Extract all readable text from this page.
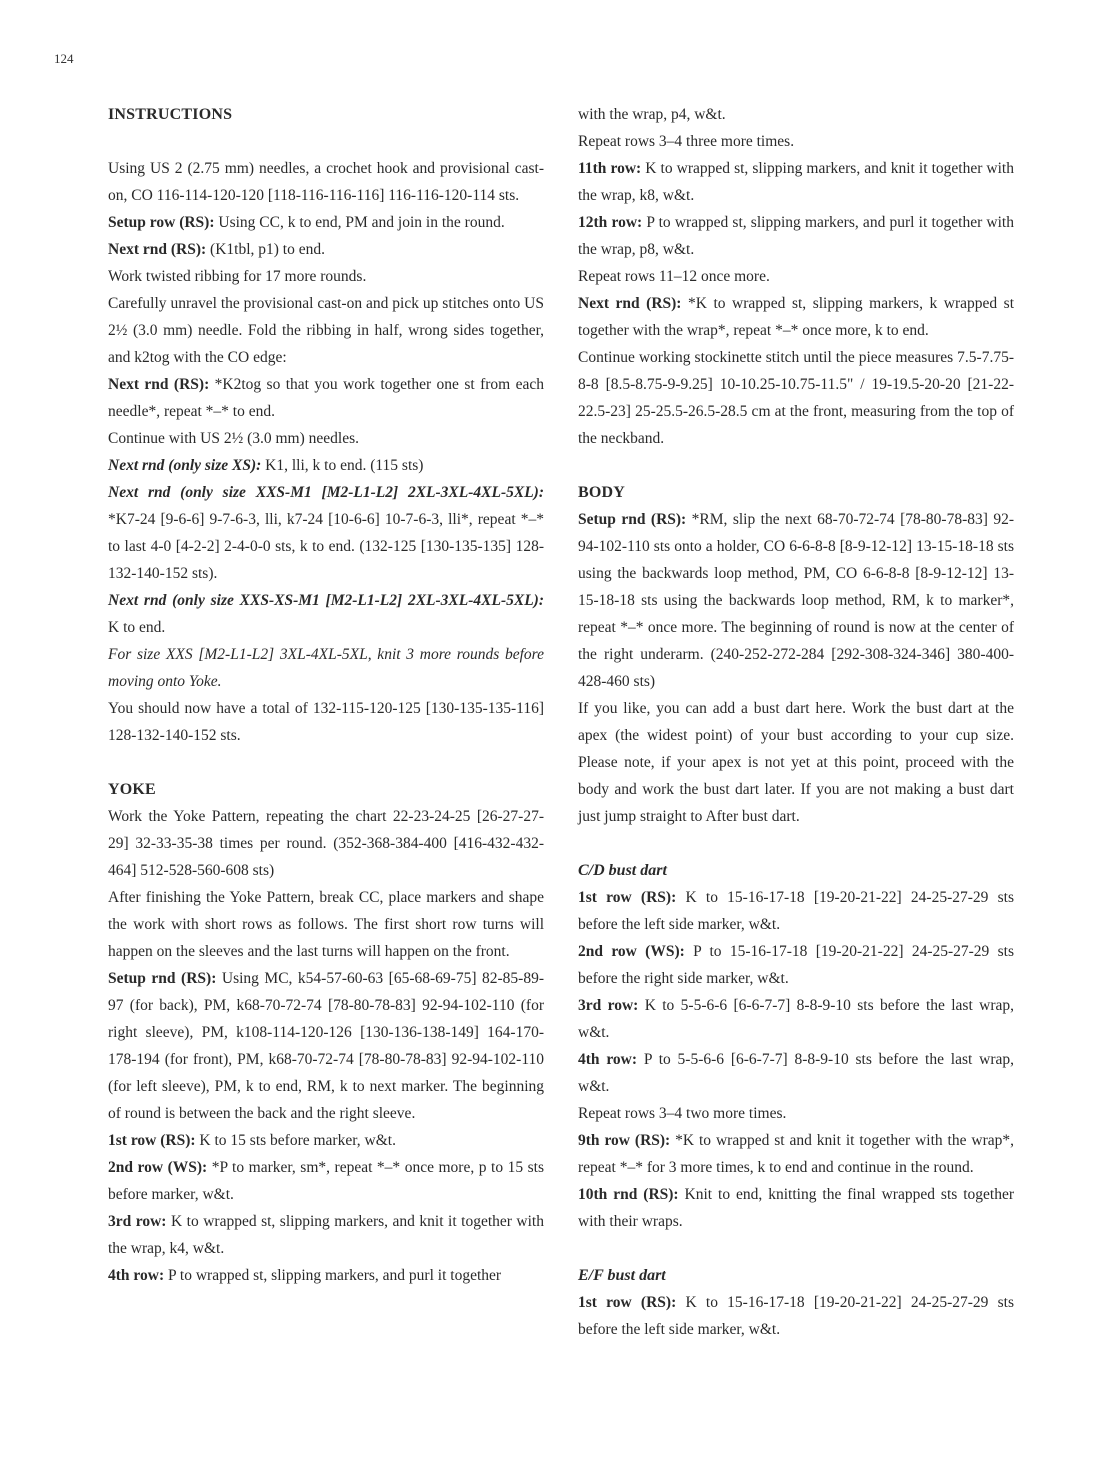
124
INSTRUCTIONS

Using US 2 (2.75 mm) needles, a crochet hook and provisional cast-on, CO 116-114-120-120 [118-116-116-116] 116-116-120-114 sts.

Setup row (RS): Using CC, k to end, PM and join in the round.

Next rnd (RS): (K1tbl, p1) to end.

Work twisted ribbing for 17 more rounds.

Carefully unravel the provisional cast-on and pick up stitches onto US 2½ (3.0 mm) needle. Fold the ribbing in half, wrong sides together, and k2tog with the CO edge:

Next rnd (RS): *K2tog so that you work together one st from each needle*, repeat *–* to end.

Continue with US 2½ (3.0 mm) needles.

Next rnd (only size XS): K1, lli, k to end. (115 sts)

Next rnd (only size XXS-M1 [M2-L1-L2] 2XL-3XL-4XL-5XL): *K7-24 [9-6-6] 9-7-6-3, lli, k7-24 [10-6-6] 10-7-6-3, lli*, repeat *–* to last 4-0 [4-2-2] 2-4-0-0 sts, k to end. (132-125 [130-135-135] 128-132-140-152 sts).

Next rnd (only size XXS-XS-M1 [M2-L1-L2] 2XL-3XL-4XL-5XL): K to end.

For size XXS [M2-L1-L2] 3XL-4XL-5XL, knit 3 more rounds before moving onto Yoke.

You should now have a total of 132-115-120-125 [130-135-135-116] 128-132-140-152 sts.

YOKE

Work the Yoke Pattern, repeating the chart 22-23-24-25 [26-27-27-29] 32-33-35-38 times per round. (352-368-384-400 [416-432-432-464] 512-528-560-608 sts)

After finishing the Yoke Pattern, break CC, place markers and shape the work with short rows as follows. The first short row turns will happen on the sleeves and the last turns will happen on the front.

Setup rnd (RS): Using MC, k54-57-60-63 [65-68-69-75] 82-85-89-97 (for back), PM, k68-70-72-74 [78-80-78-83] 92-94-102-110 (for right sleeve), PM, k108-114-120-126 [130-136-138-149] 164-170-178-194 (for front), PM, k68-70-72-74 [78-80-78-83] 92-94-102-110 (for left sleeve), PM, k to end, RM, k to next marker. The beginning of round is between the back and the right sleeve.

1st row (RS): K to 15 sts before marker, w&t.

2nd row (WS): *P to marker, sm*, repeat *–* once more, p to 15 sts before marker, w&t.

3rd row: K to wrapped st, slipping markers, and knit it together with the wrap, k4, w&t.

4th row: P to wrapped st, slipping markers, and purl it together

with the wrap, p4, w&t.

Repeat rows 3–4 three more times.

11th row: K to wrapped st, slipping markers, and knit it together with the wrap, k8, w&t.

12th row: P to wrapped st, slipping markers, and purl it together with the wrap, p8, w&t.

Repeat rows 11–12 once more.

Next rnd (RS): *K to wrapped st, slipping markers, k wrapped st together with the wrap*, repeat *–* once more, k to end.

Continue working stockinette stitch until the piece measures 7.5-7.75-8-8 [8.5-8.75-9-9.25] 10-10.25-10.75-11.5" / 19-19.5-20-20 [21-22-22.5-23] 25-25.5-26.5-28.5 cm at the front, measuring from the top of the neckband.

BODY

Setup rnd (RS): *RM, slip the next 68-70-72-74 [78-80-78-83] 92-94-102-110 sts onto a holder, CO 6-6-8-8 [8-9-12-12] 13-15-18-18 sts using the backwards loop method, PM, CO 6-6-8-8 [8-9-12-12] 13-15-18-18 sts using the backwards loop method, RM, k to marker*, repeat *–* once more. The beginning of round is now at the center of the right underarm. (240-252-272-284 [292-308-324-346] 380-400-428-460 sts)

If you like, you can add a bust dart here. Work the bust dart at the apex (the widest point) of your bust according to your cup size. Please note, if your apex is not yet at this point, proceed with the body and work the bust dart later. If you are not making a bust dart just jump straight to After bust dart.

C/D bust dart

1st row (RS): K to 15-16-17-18 [19-20-21-22] 24-25-27-29 sts before the left side marker, w&t.

2nd row (WS): P to 15-16-17-18 [19-20-21-22] 24-25-27-29 sts before the right side marker, w&t.

3rd row: K to 5-5-6-6 [6-6-7-7] 8-8-9-10 sts before the last wrap, w&t.

4th row: P to 5-5-6-6 [6-6-7-7] 8-8-9-10 sts before the last wrap, w&t.

Repeat rows 3–4 two more times.

9th row (RS): *K to wrapped st and knit it together with the wrap*, repeat *–* for 3 more times, k to end and continue in the round.

10th rnd (RS): Knit to end, knitting the final wrapped sts together with their wraps.

E/F bust dart

1st row (RS): K to 15-16-17-18 [19-20-21-22] 24-25-27-29 sts before the left side marker, w&t.
